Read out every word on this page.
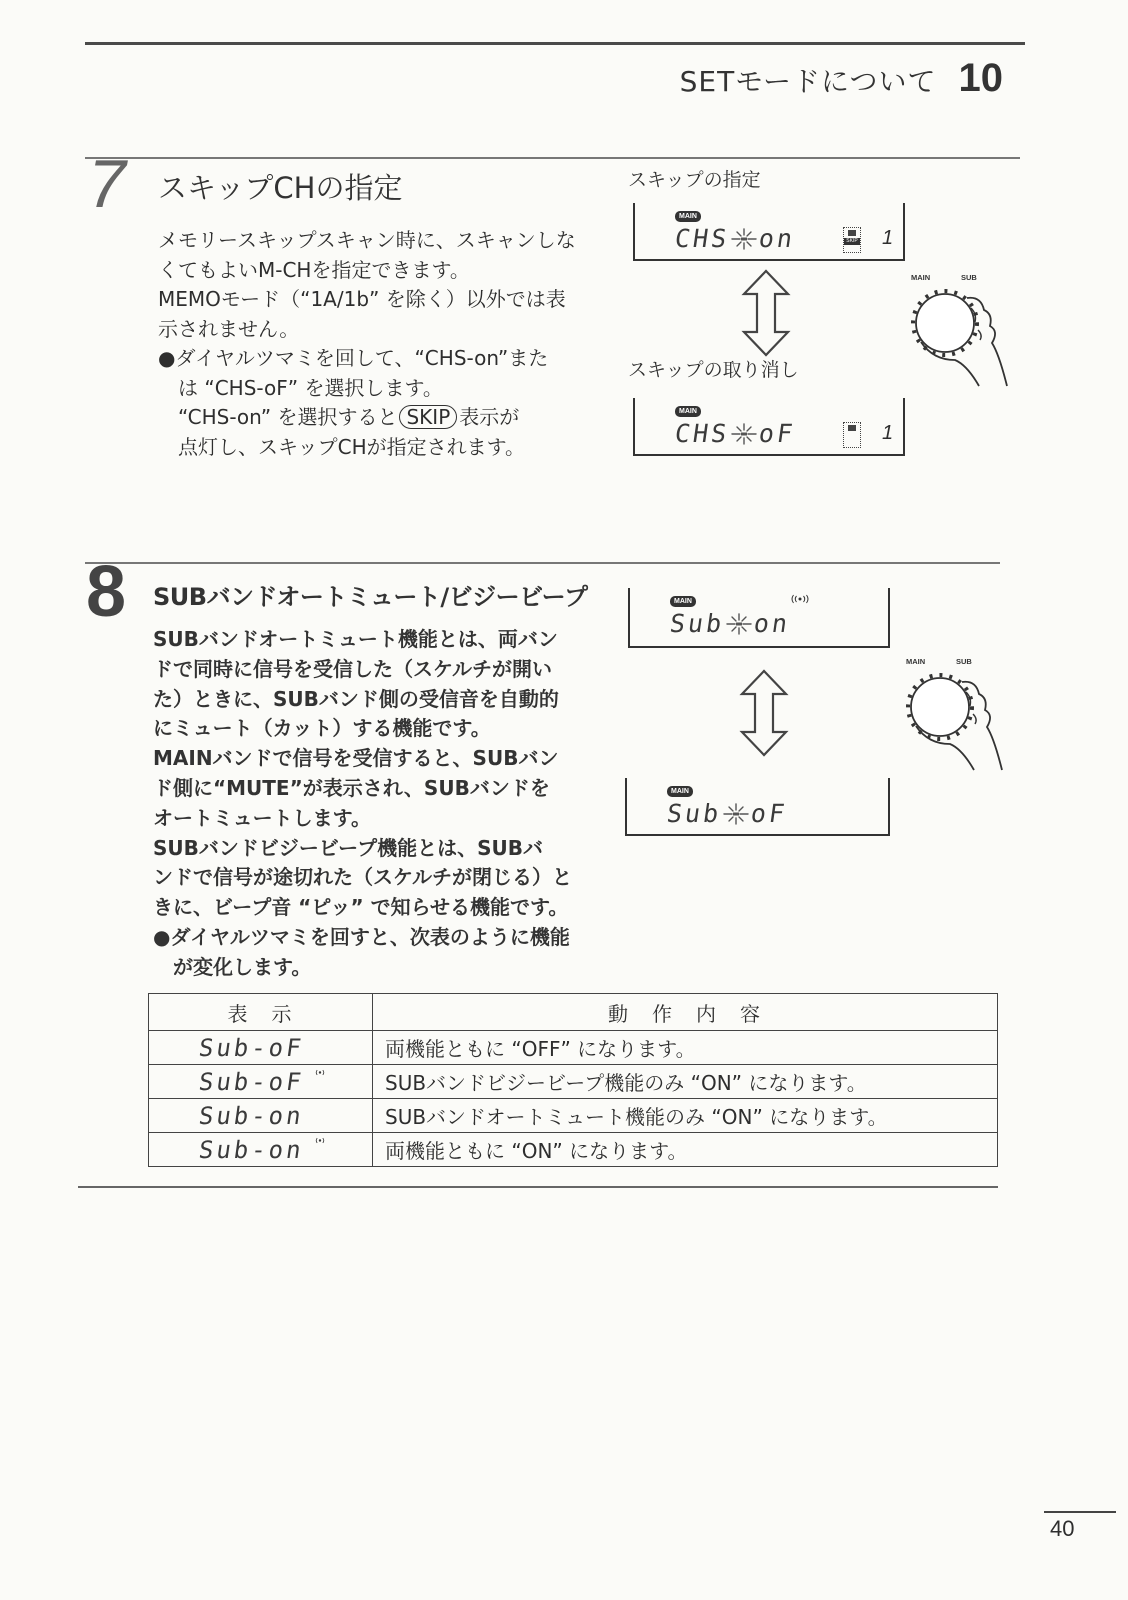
SETモードについて 10
7 スキップCHの指定
メモリースキップスキャン時に、スキャンしな
くてもよいM-CHを指定できます。
MEMOモード（“1A/1b” を除く）以外では表
示されません。
●ダイヤルツマミを回して、“CHS-on”また
は “CHS-oF” を選択します。
“CHS-on” を選択すると SKIP 表示が
点灯し、スキップCHが指定されます。
スキップの指定
MAIN
CHS on	SKIP 1
MAIN	SUB
スキップの取り消し
MAIN
CHS oF	1
8 SUBバンドオートミュート/ビジービープ
SUBバンドオートミュート機能とは、両バン
ドで同時に信号を受信した（スケルチが開い
た）ときに、SUBバンド側の受信音を自動的
にミュート（カット）する機能です。
MAINバンドで信号を受信すると、SUBバン
ド側に“MUTE”が表示され、SUBバンドを
オートミュートします。
SUBバンドビジービープ機能とは、SUBバ
ンドで信号が途切れた（スケルチが閉じる）と
きに、ビープ音 “ピッ” で知らせる機能です。
●ダイヤルツマミを回すと、次表のように機能
が変化します。
MAIN
Sub on
MAIN	SUB
MAIN
Sub oF
表　示	動　作　内　容
Sub-oF	両機能ともに “OFF” になります。
Sub-oF	SUBバンドビジービープ機能のみ “ON” になります。
Sub-on	SUBバンドオートミュート機能のみ “ON” になります。
Sub-on	両機能ともに “ON” になります。
40
